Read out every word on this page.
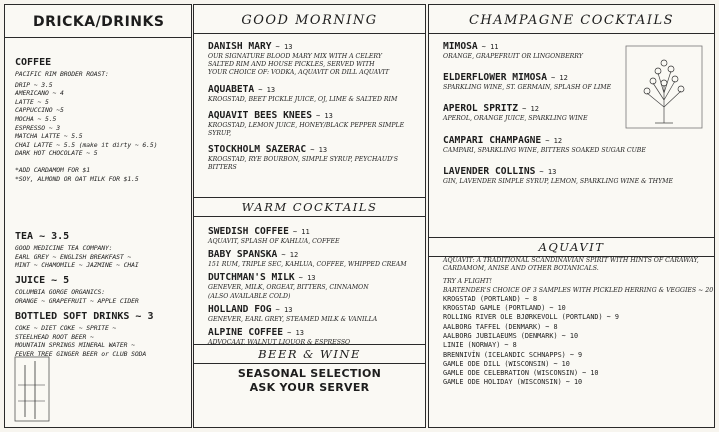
DRICKA/DRINKS
COFFEE
PACIFIC RIM BRODER ROAST:
DRIP ~ 3.5
AMERICANO ~ 4
LATTE ~ 5
CAPPUCCINO ~5
MOCHA ~ 5.5
ESPRESSO ~ 3
MATCHA LATTE ~ 5.5
CHAI LATTE ~ 5.5 (make it dirty ~ 6.5)
DARK HOT CHOCOLATE ~ 5
*ADD CARDAMOM FOR $1
*SOY, ALMOND OR OAT MILK FOR $1.5
TEA ~ 3.5
GOOD MEDICINE TEA COMPANY:
EARL GREY ~ ENGLISH BREAKFAST ~
MINT ~ CHAMOMILE ~ JAZMINE ~ CHAI
JUICE ~ 5
COLUMBIA GORGE ORGANICS:
ORANGE ~ GRAPEFRUIT ~ APPLE CIDER
BOTTLED SOFT DRINKS ~ 3
COKE ~ DIET COKE ~ SPRITE ~
STEELHEAD ROOT BEER ~
MOUNTAIN SPRINGS MINERAL WATER ~
FEVER TREE GINGER BEER or CLUB SODA
GOOD MORNING
DANISH MARY ~ 13
OUR SIGNATURE BLOOD MARY MIX WITH A CELERY
SALTED RIM AND HOUSE PICKLES, SERVED WITH
YOUR CHOICE OF: VODKA, AQUAVIT OR DILL AQUAVIT
AQUABETA ~ 13
KROGSTAD, BEET PICKLE JUICE, OJ, LIME & SALTED RIM
AQUAVIT BEES KNEES ~ 13
KROGSTAD, LEMON JUICE, HONEY/BLACK PEPPER SIMPLE SYRUP,
STOCKHOLM SAZERAC ~ 13
KROGSTAD, RYE BOURBON, SIMPLE SYRUP, PEYCHAUD'S BITTERS
WARM COCKTAILS
SWEDISH COFFEE ~ 11
AQUAVIT, SPLASH OF KAHLUA, COFFEE
BABY SPANSKA ~ 12
151 RUM, TRIPLE SEC, KAHLUA, COFFEE, WHIPPED CREAM
DUTCHMAN'S MILK ~ 13
GENEVER, MILK, ORGEAT, BITTERS, CINNAMON
(ALSO AVAILABLE COLD)
HOLLAND FOG ~ 13
GENEVER, EARL GREY, STEAMED MILK & VANILLA
ALPINE COFFEE ~ 13
ADVOCAAT, WALNUT LIQUOR & ESPRESSO
BEER & WINE
SEASONAL SELECTION
ASK YOUR SERVER
CHAMPAGNE COCKTAILS
MIMOSA ~ 11
ORANGE, GRAPEFRUIT OR LINGONBERRY
ELDERFLOWER MIMOSA ~ 12
SPARKLING WINE, ST. GERMAIN, SPLASH OF LIME
APEROL SPRITZ ~ 12
APEROL, ORANGE JUICE, SPARKLING WINE
CAMPARI CHAMPAGNE ~ 12
CAMPARI, SPARKLING WINE, BITTERS SOAKED SUGAR CUBE
LAVENDER COLLINS ~ 13
GIN, LAVENDER SIMPLE SYRUP, LEMON, SPARKLING WINE & THYME
AQUAVIT
AQUAVIT: A TRADITIONAL SCANDINAVIAN SPIRIT WITH HINTS OF CARAWAY,
CARDAMOM, ANISE AND OTHER BOTANICALS.
TRY A FLIGHT!
BARTENDER'S CHOICE OF 3 SAMPLES WITH PICKLED HERRING & VEGGIES ~ 20
KROGSTAD (PORTLAND) ~ 8
KROGSTAD GAMLE (PORTLAND) ~ 10
ROLLING RIVER OLE BJØRKEVOLL (PORTLAND) ~ 9
AALBORG TAFFEL (DENMARK) ~ 8
AALBORG JUBILAEUMS (DENMARK) ~ 10
LINIE (NORWAY) ~ 8
BRENNIVÍN (ICELANDIC SCHNAPPS) ~ 9
GAMLE ODE DILL (WISCONSIN) ~ 10
GAMLE ODE CELEBRATION (WISCONSIN) ~ 10
GAMLE ODE HOLIDAY (WISCONSIN) ~ 10
